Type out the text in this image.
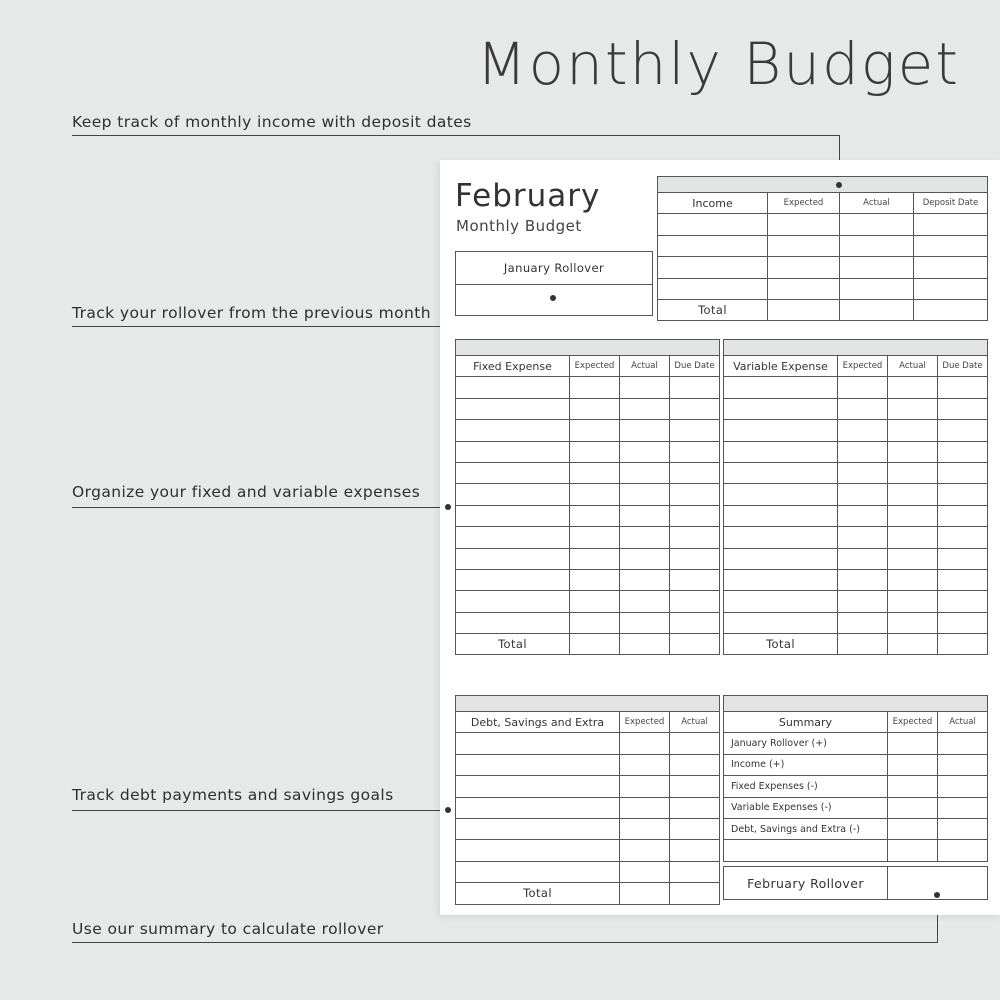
Monthly Budget
Keep track of monthly income with deposit dates
Track your rollover from the previous month
Organize your fixed and variable expenses
Track debt payments and savings goals
Use our summary to calculate rollover
February
Monthly Budget
January Rollover

Income	Expected	Actual	Deposit Date

Total			

Fixed Expense	Expected	Actual	Due Date

Total			

Variable Expense	Expected	Actual	Due Date

Total			

Debt, Savings and Extra	Expected	Actual

Total		

Summary	Expected	Actual
January Rollover (+)		
Income (+)		
Fixed Expenses (-)		
Variable Expenses (-)		
Debt, Savings and Extra (-)		

February Rollover	
